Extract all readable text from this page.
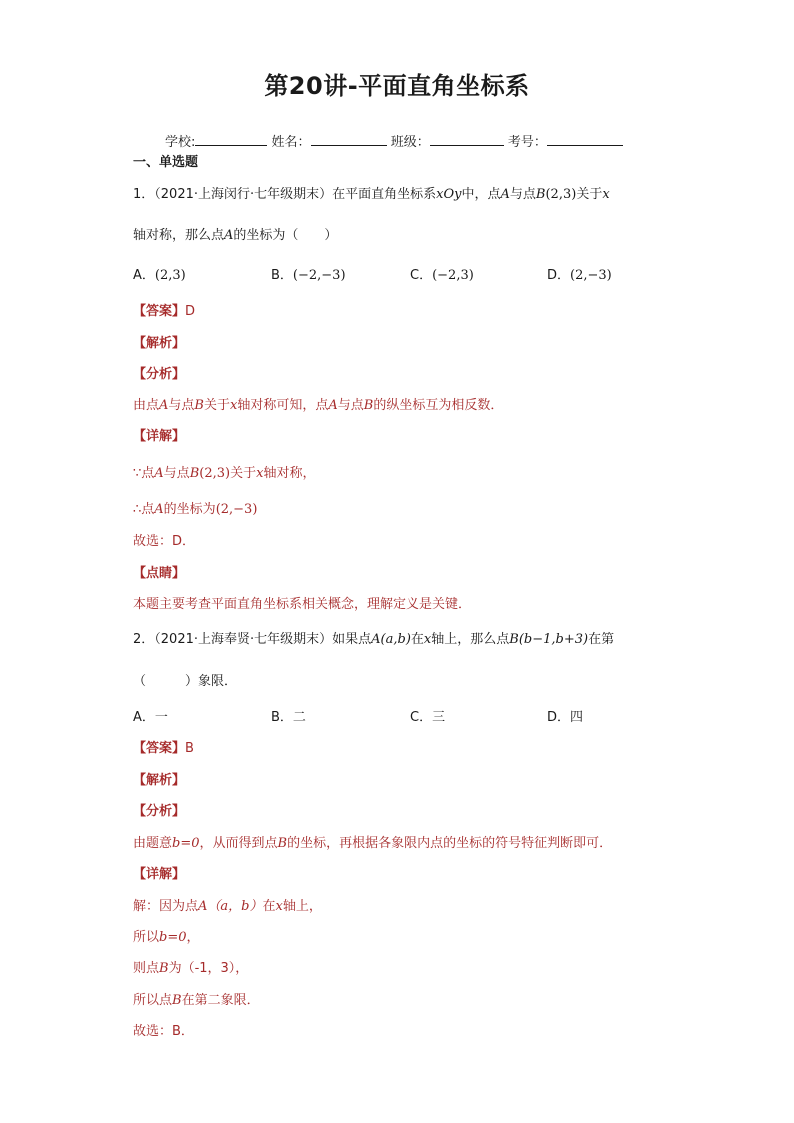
第20讲-平面直角坐标系
学校:	姓名：	班级：	考号：
一、单选题
1．（2021·上海闵行·七年级期末）在平面直角坐标系xOy中，点A与点B(2,3)关于x
轴对称，那么点A的坐标为（　　）
A．(2,3)	B．(−2,−3)	C．(−2,3)	D．(2,−3)
【答案】D
【解析】
【分析】
由点A与点B关于x轴对称可知，点A与点B的纵坐标互为相反数．
【详解】
∵点A与点B(2,3)关于x轴对称，
∴点A的坐标为(2,−3)
故选：D．
【点睛】
本题主要考查平面直角坐标系相关概念，理解定义是关键．
2．（2021·上海奉贤·七年级期末）如果点A(a,b)在x轴上，那么点B(b−1,b+3)在第
（　　　）象限．
A．一	B．二	C．三	D．四
【答案】B
【解析】
【分析】
由题意b=0，从而得到点B的坐标，再根据各象限内点的坐标的符号特征判断即可．
【详解】
解：因为点A（a，b）在x轴上，
所以b=0，
则点B为（-1，3），
所以点B在第二象限．
故选：B．
